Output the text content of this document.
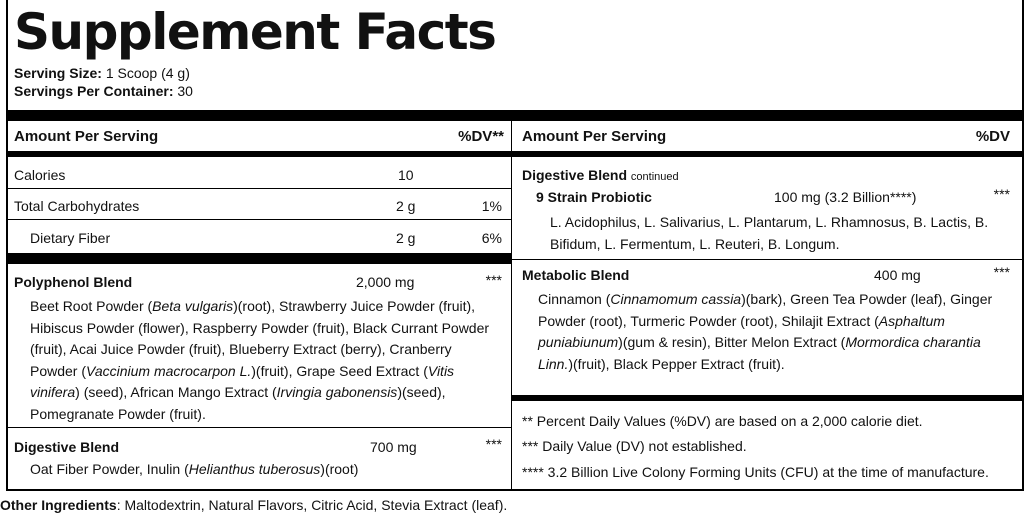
Supplement Facts
Serving Size: 1 Scoop (4 g)
Servings Per Container: 30
Amount Per Serving	%DV**
Calories	10
Total Carbohydrates	2 g	1%
Dietary Fiber	2 g	6%
Polyphenol Blend	2,000 mg	***
Beet Root Powder (Beta vulgaris)(root), Strawberry Juice Powder (fruit), Hibiscus Powder (flower), Raspberry Powder (fruit), Black Currant Powder (fruit), Acai Juice Powder (fruit), Blueberry Extract (berry), Cranberry Powder (Vaccinium macrocarpon L.)(fruit), Grape Seed Extract (Vitis vinifera) (seed), African Mango Extract (Irvingia gabonensis)(seed), Pomegranate Powder (fruit).
Digestive Blend	700 mg	***
Oat Fiber Powder, Inulin (Helianthus tuberosus)(root)
Amount Per Serving	%DV
Digestive Blend continued
9 Strain Probiotic	100 mg (3.2 Billion****)	***
L. Acidophilus, L. Salivarius, L. Plantarum, L. Rhamnosus, B. Lactis, B. Bifidum, L. Fermentum, L. Reuteri, B. Longum.
Metabolic Blend	400 mg	***
Cinnamon (Cinnamomum cassia)(bark), Green Tea Powder (leaf), Ginger Powder (root), Turmeric Powder (root), Shilajit Extract (Asphaltum puniabiunum)(gum & resin), Bitter Melon Extract (Mormordica charantia Linn.)(fruit), Black Pepper Extract (fruit).
** Percent Daily Values (%DV) are based on a 2,000 calorie diet.
*** Daily Value (DV) not established.
**** 3.2 Billion Live Colony Forming Units (CFU) at the time of manufacture.
Other Ingredients: Maltodextrin, Natural Flavors, Citric Acid, Stevia Extract (leaf).
